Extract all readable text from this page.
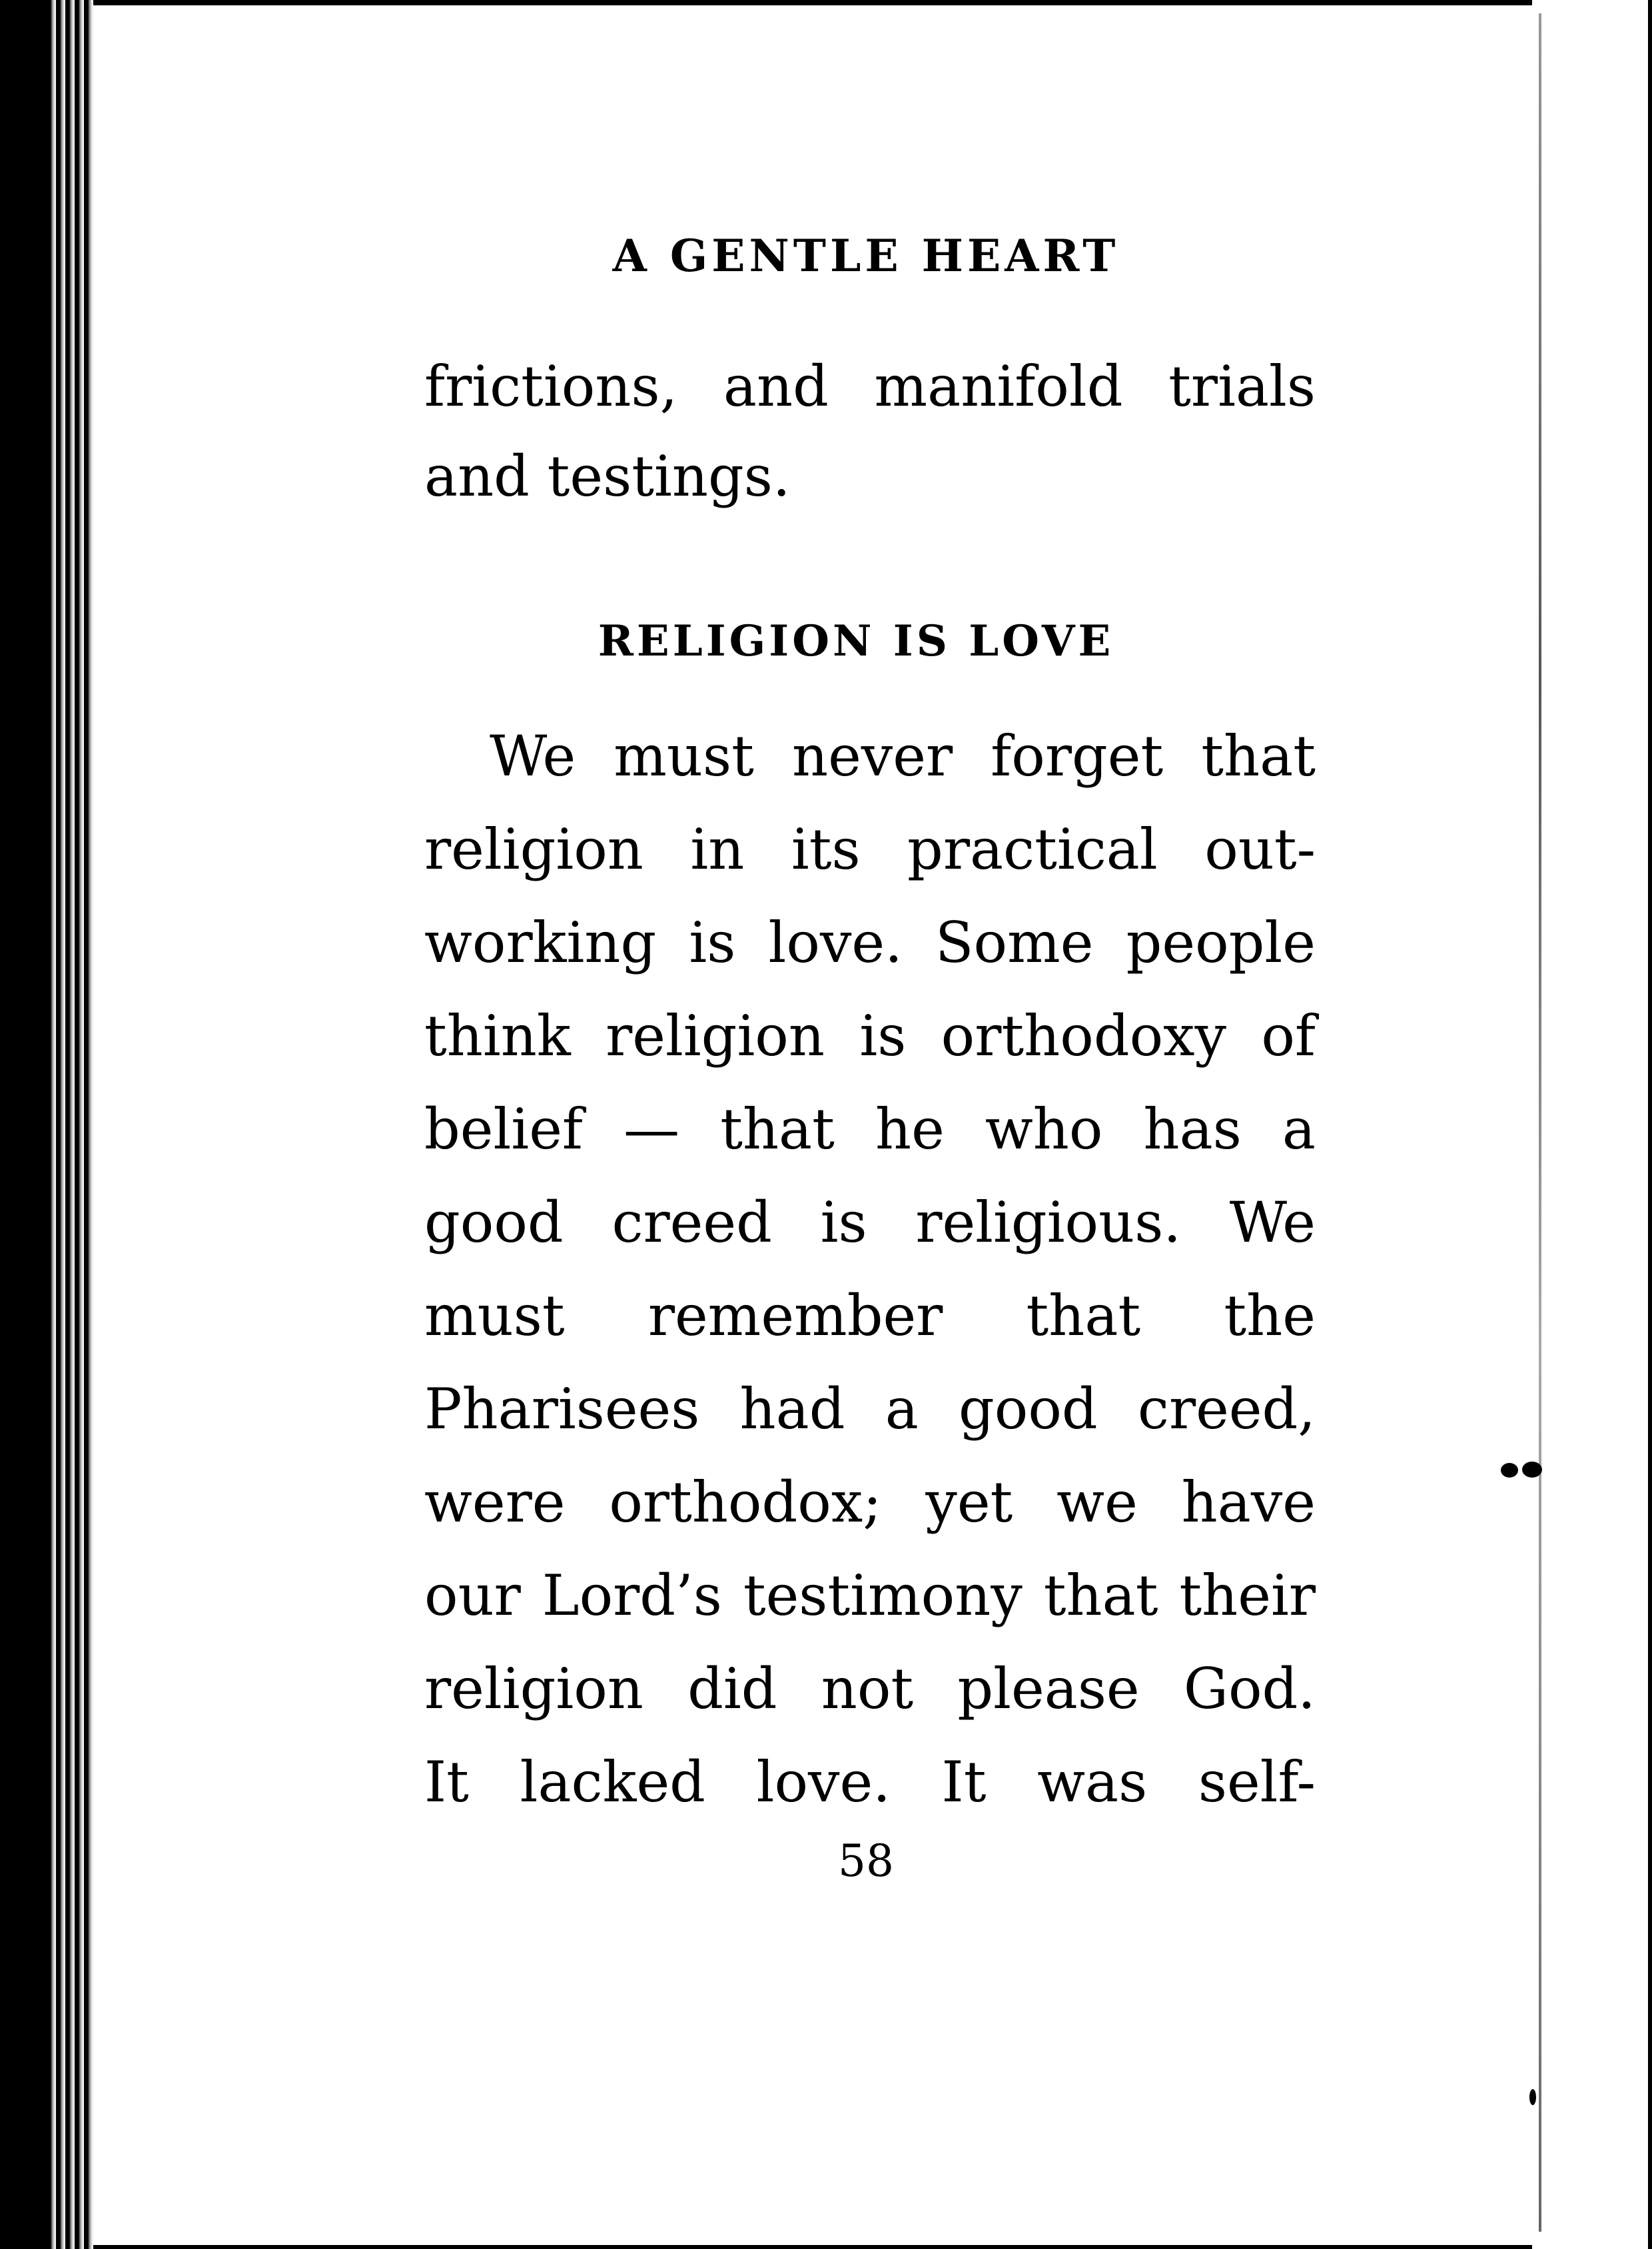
A GENTLE HEART
frictions, and manifold trials
and testings.
RELIGION IS LOVE
We must never forget that
religion in its practical out-
working is love. Some people
think religion is orthodoxy of
belief — that he who has a
good creed is religious. We
must remember that the
Pharisees had a good creed,
were orthodox; yet we have
our Lord’s testimony that their
religion did not please God.
It lacked love. It was self-
58
